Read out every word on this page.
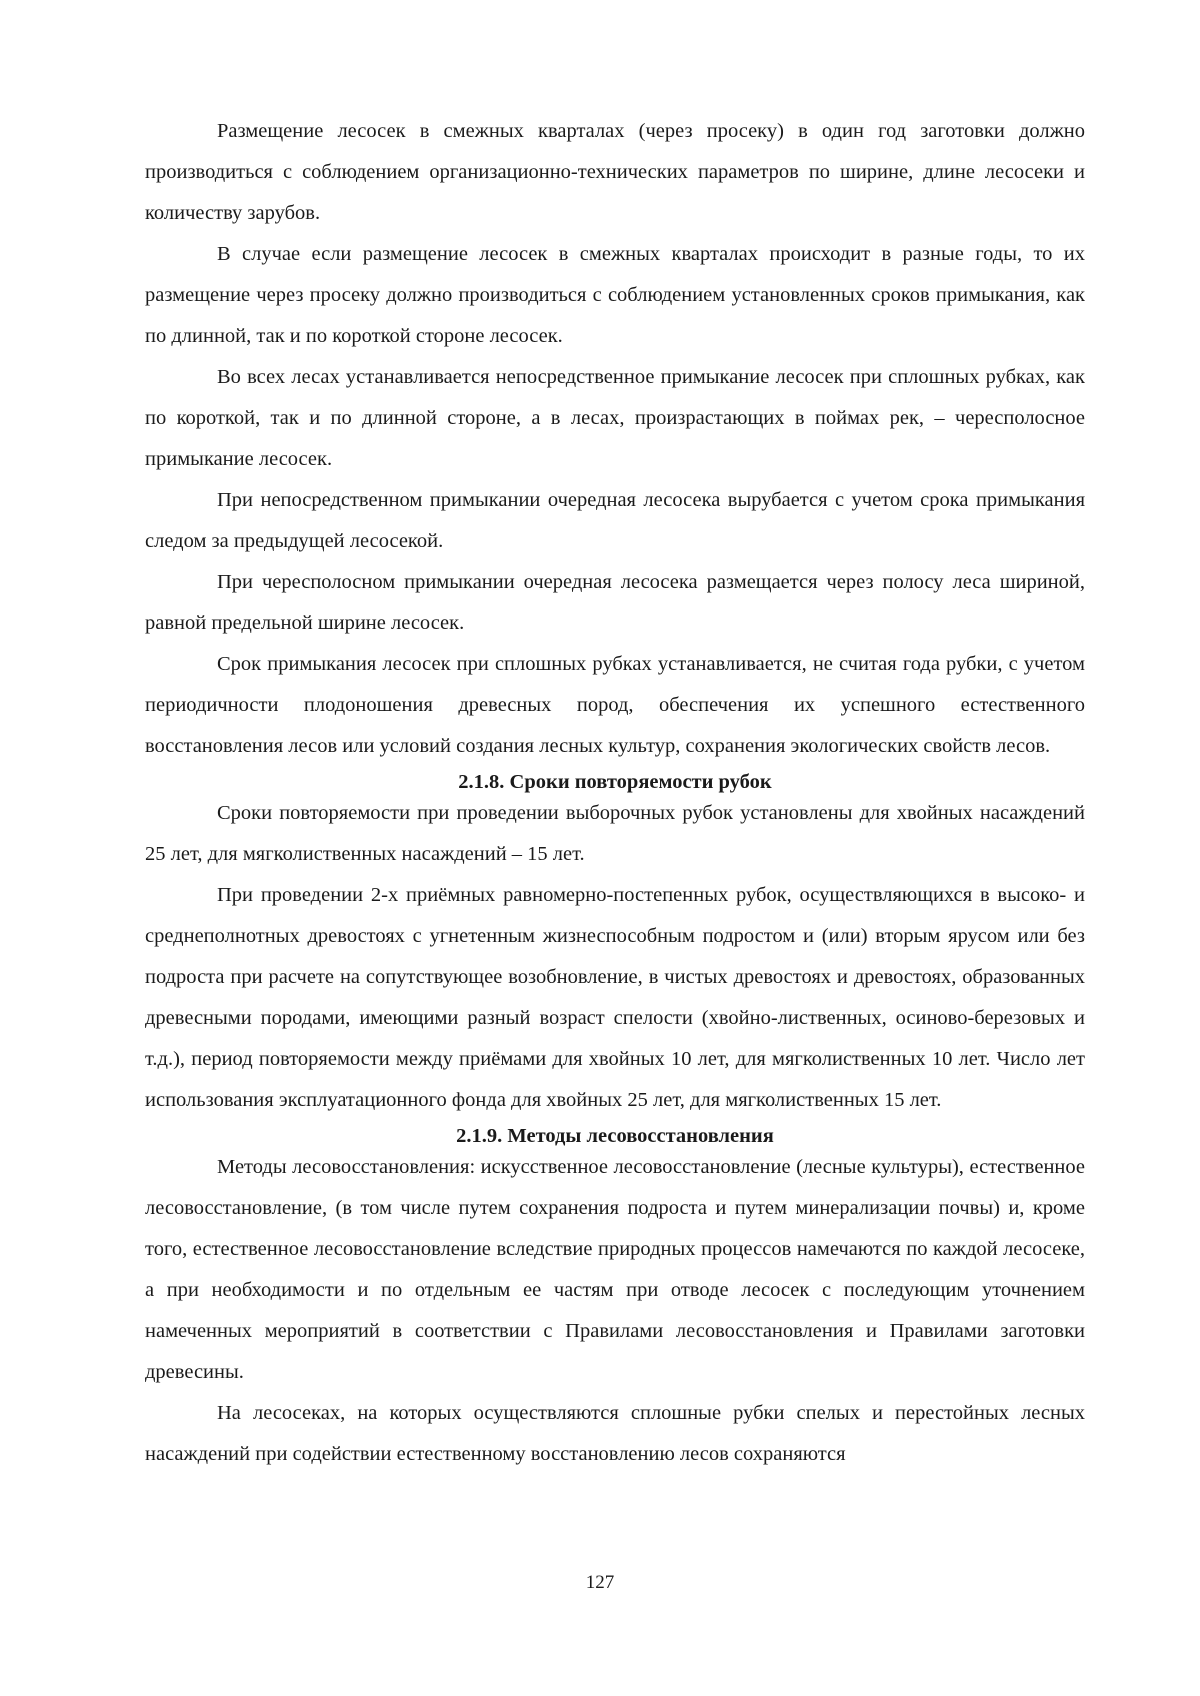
Размещение лесосек в смежных кварталах (через просеку) в один год заготовки должно производиться с соблюдением организационно-технических параметров по ширине, длине лесосеки и количеству зарубов.

В случае если размещение лесосек в смежных кварталах происходит в разные годы, то их размещение через просеку должно производиться с соблюдением установленных сроков примыкания, как по длинной, так и по короткой стороне лесосек.

Во всех лесах устанавливается непосредственное примыкание лесосек при сплошных рубках, как по короткой, так и по длинной стороне, а в лесах, произрастающих в поймах рек, – чересполосное примыкание лесосек.

При непосредственном примыкании очередная лесосека вырубается с учетом срока примыкания следом за предыдущей лесосекой.

При чересполосном примыкании очередная лесосека размещается через полосу леса шириной, равной предельной ширине лесосек.

Срок примыкания лесосек при сплошных рубках устанавливается, не считая года рубки, с учетом периодичности плодоношения древесных пород, обеспечения их успешного естественного восстановления лесов или условий создания лесных культур, сохранения экологических свойств лесов.

2.1.8. Сроки повторяемости рубок

Сроки повторяемости при проведении выборочных рубок установлены для хвойных насаждений 25 лет, для мягколиственных насаждений – 15 лет.

При проведении 2-х приёмных равномерно-постепенных рубок, осуществляющихся в высоко- и среднеполнотных древостоях с угнетенным жизнеспособным подростом и (или) вторым ярусом или без подроста при расчете на сопутствующее возобновление, в чистых древостоях и древостоях, образованных древесными породами, имеющими разный возраст спелости (хвойно-лиственных, осиново-березовых и т.д.), период повторяемости между приёмами для хвойных 10 лет, для мягколиственных 10 лет. Число лет использования эксплуатационного фонда для хвойных 25 лет, для мягколиственных 15 лет.

2.1.9. Методы лесовосстановления

Методы лесовосстановления: искусственное лесовосстановление (лесные культуры), естественное лесовосстановление, (в том числе путем сохранения подроста и путем минерализации почвы) и, кроме того, естественное лесовосстановление вследствие природных процессов намечаются по каждой лесосеке, а при необходимости и по отдельным ее частям при отводе лесосек с последующим уточнением намеченных мероприятий в соответствии с Правилами лесовосстановления и Правилами заготовки древесины.

На лесосеках, на которых осуществляются сплошные рубки спелых и перестойных лесных насаждений при содействии естественному восстановлению лесов сохраняются

127
